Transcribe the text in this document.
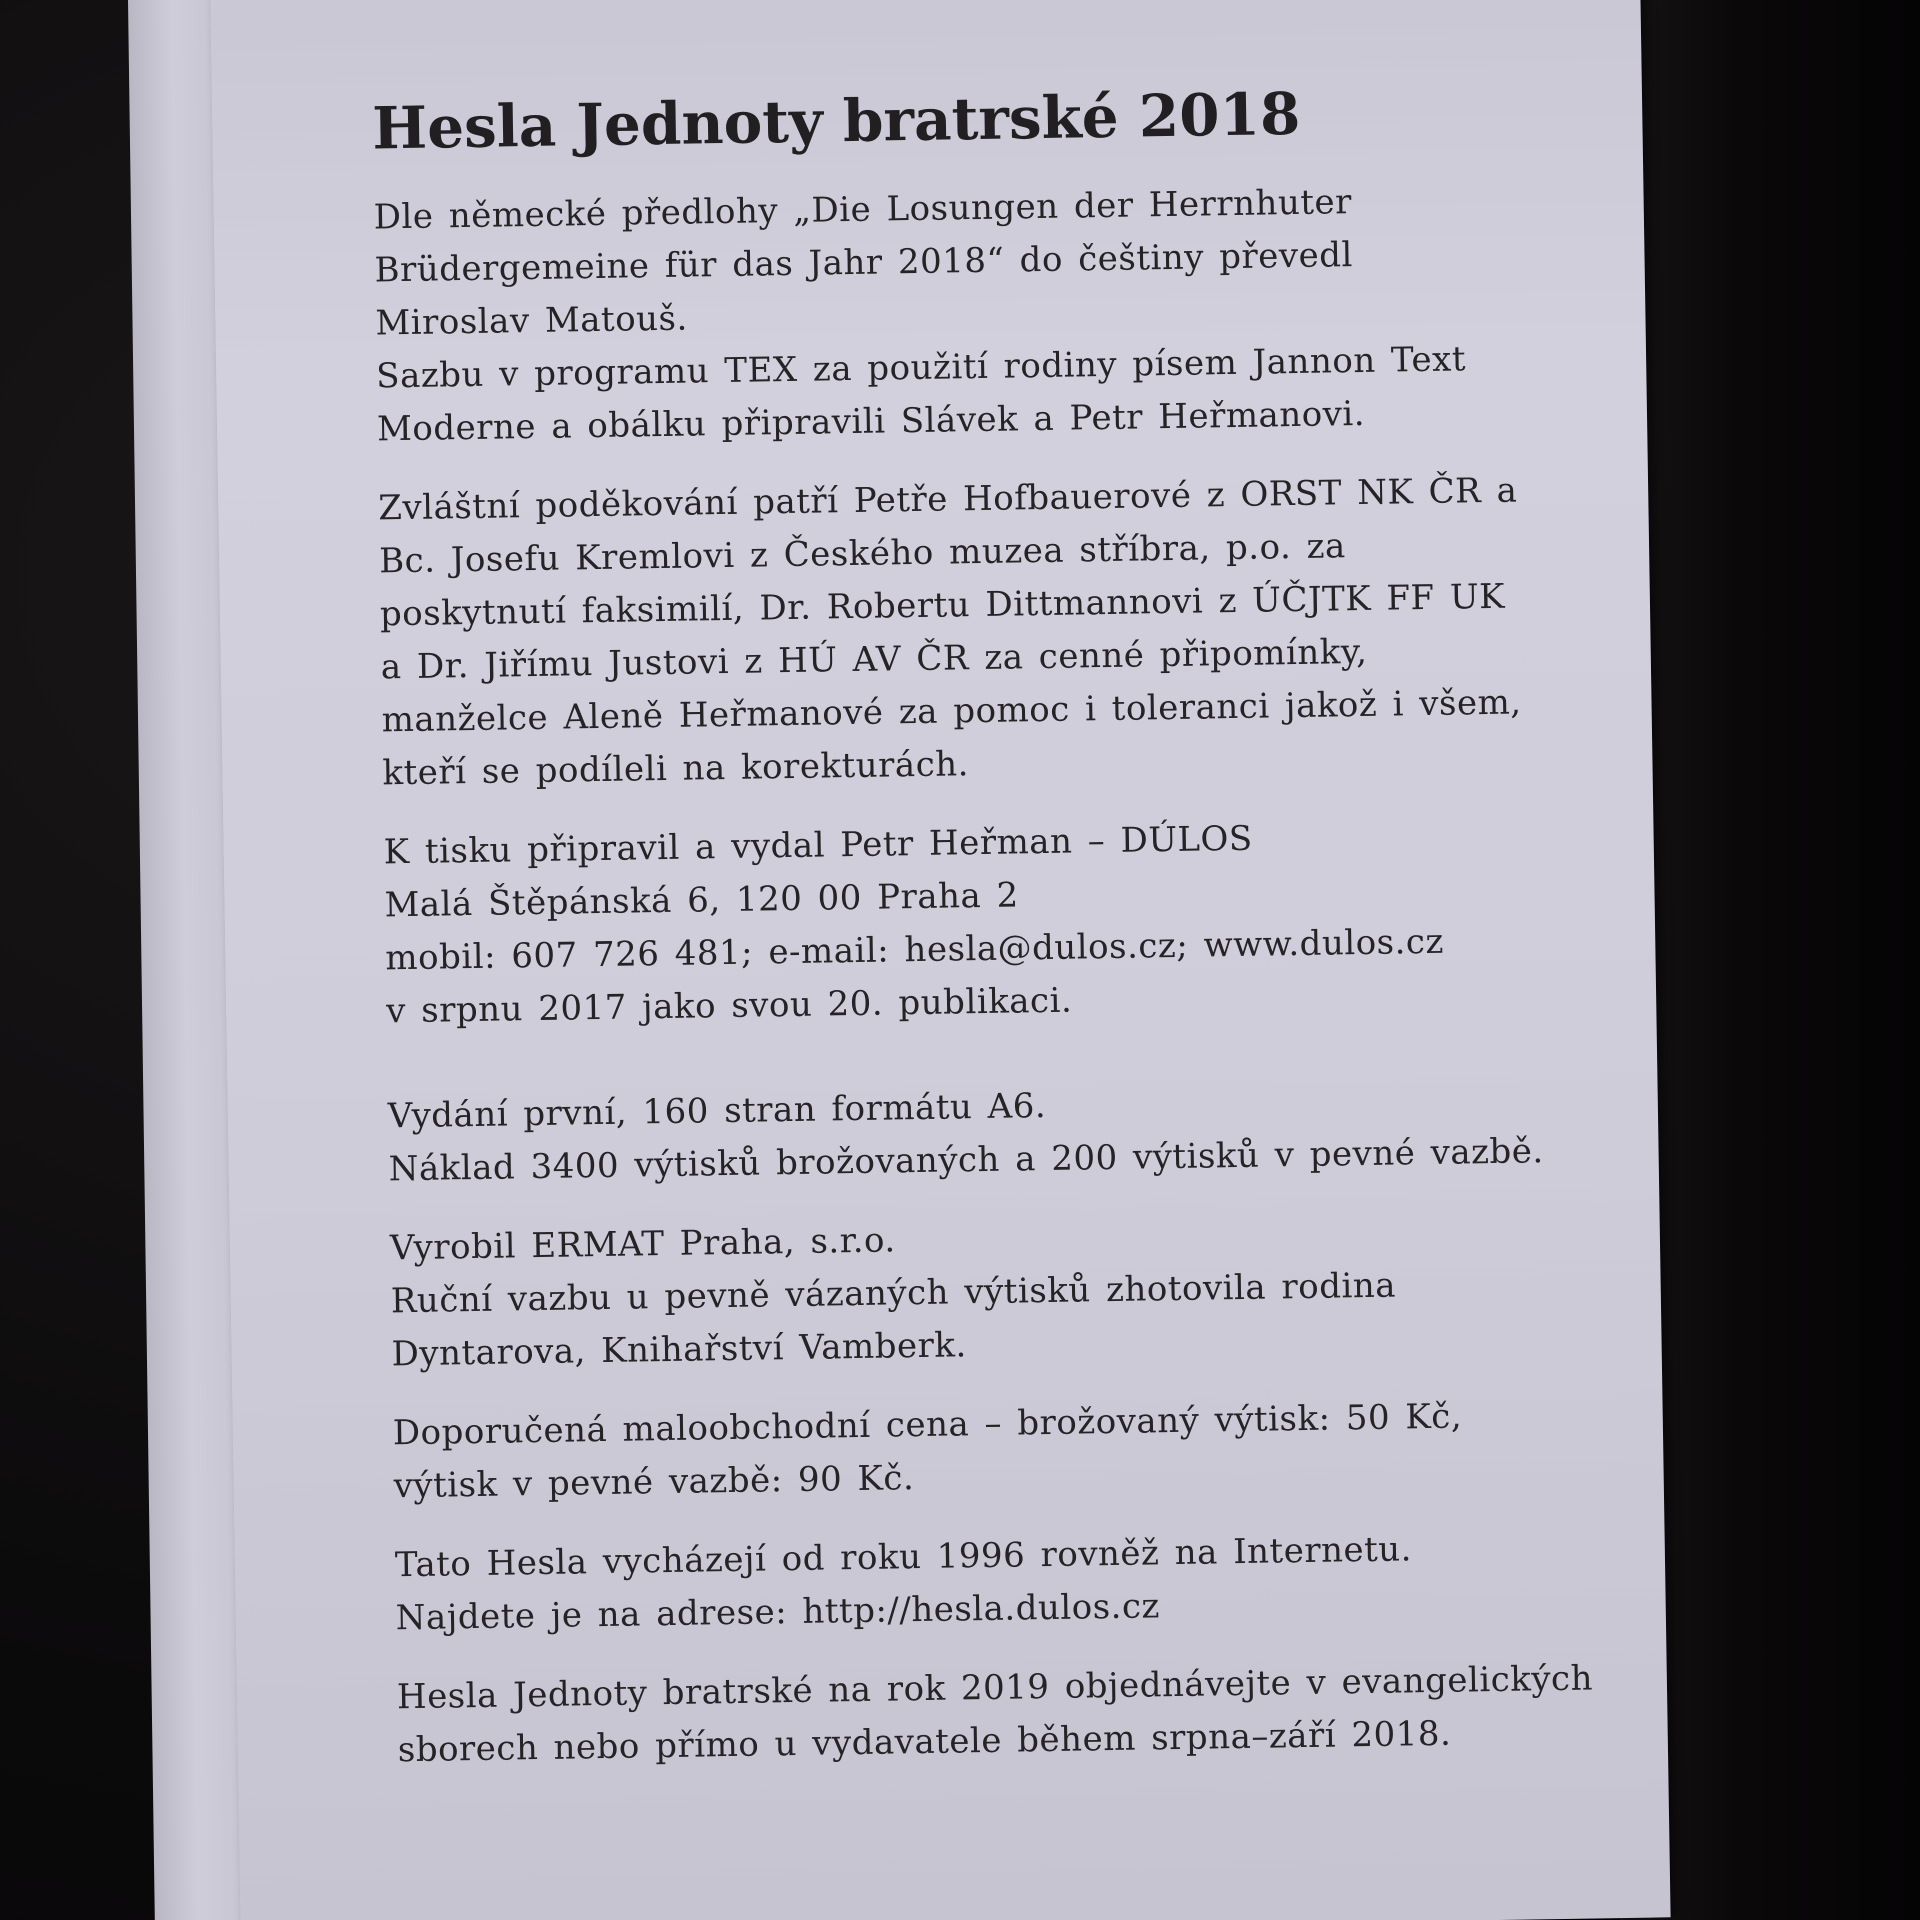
Hesla Jednoty bratrské 2018
Dle německé předlohy „Die Losungen der Herrnhuter
Brüdergemeine für das Jahr 2018“ do češtiny převedl
Miroslav Matouš.
Sazbu v programu TEX za použití rodiny písem Jannon Text
Moderne a obálku připravili Slávek a Petr Heřmanovi.
Zvláštní poděkování patří Petře Hofbauerové z ORST NK ČR a
Bc. Josefu Kremlovi z Českého muzea stříbra, p.o. za
poskytnutí faksimilí, Dr. Robertu Dittmannovi z ÚČJTK FF UK
a Dr. Jiřímu Justovi z HÚ AV ČR za cenné připomínky,
manželce Aleně Heřmanové za pomoc i toleranci jakož i všem,
kteří se podíleli na korekturách.
K tisku připravil a vydal Petr Heřman – DÚLOS
Malá Štěpánská 6, 120 00 Praha 2
mobil: 607 726 481; e-mail: hesla@dulos.cz; www.dulos.cz
v srpnu 2017 jako svou 20. publikaci.
Vydání první, 160 stran formátu A6.
Náklad 3400 výtisků brožovaných a 200 výtisků v pevné vazbě.
Vyrobil ERMAT Praha, s.r.o.
Ruční vazbu u pevně vázaných výtisků zhotovila rodina
Dyntarova, Knihařství Vamberk.
Doporučená maloobchodní cena – brožovaný výtisk: 50 Kč,
výtisk v pevné vazbě: 90 Kč.
Tato Hesla vycházejí od roku 1996 rovněž na Internetu.
Najdete je na adrese: http://hesla.dulos.cz
Hesla Jednoty bratrské na rok 2019 objednávejte v evangelických
sborech nebo přímo u vydavatele během srpna–září 2018.
